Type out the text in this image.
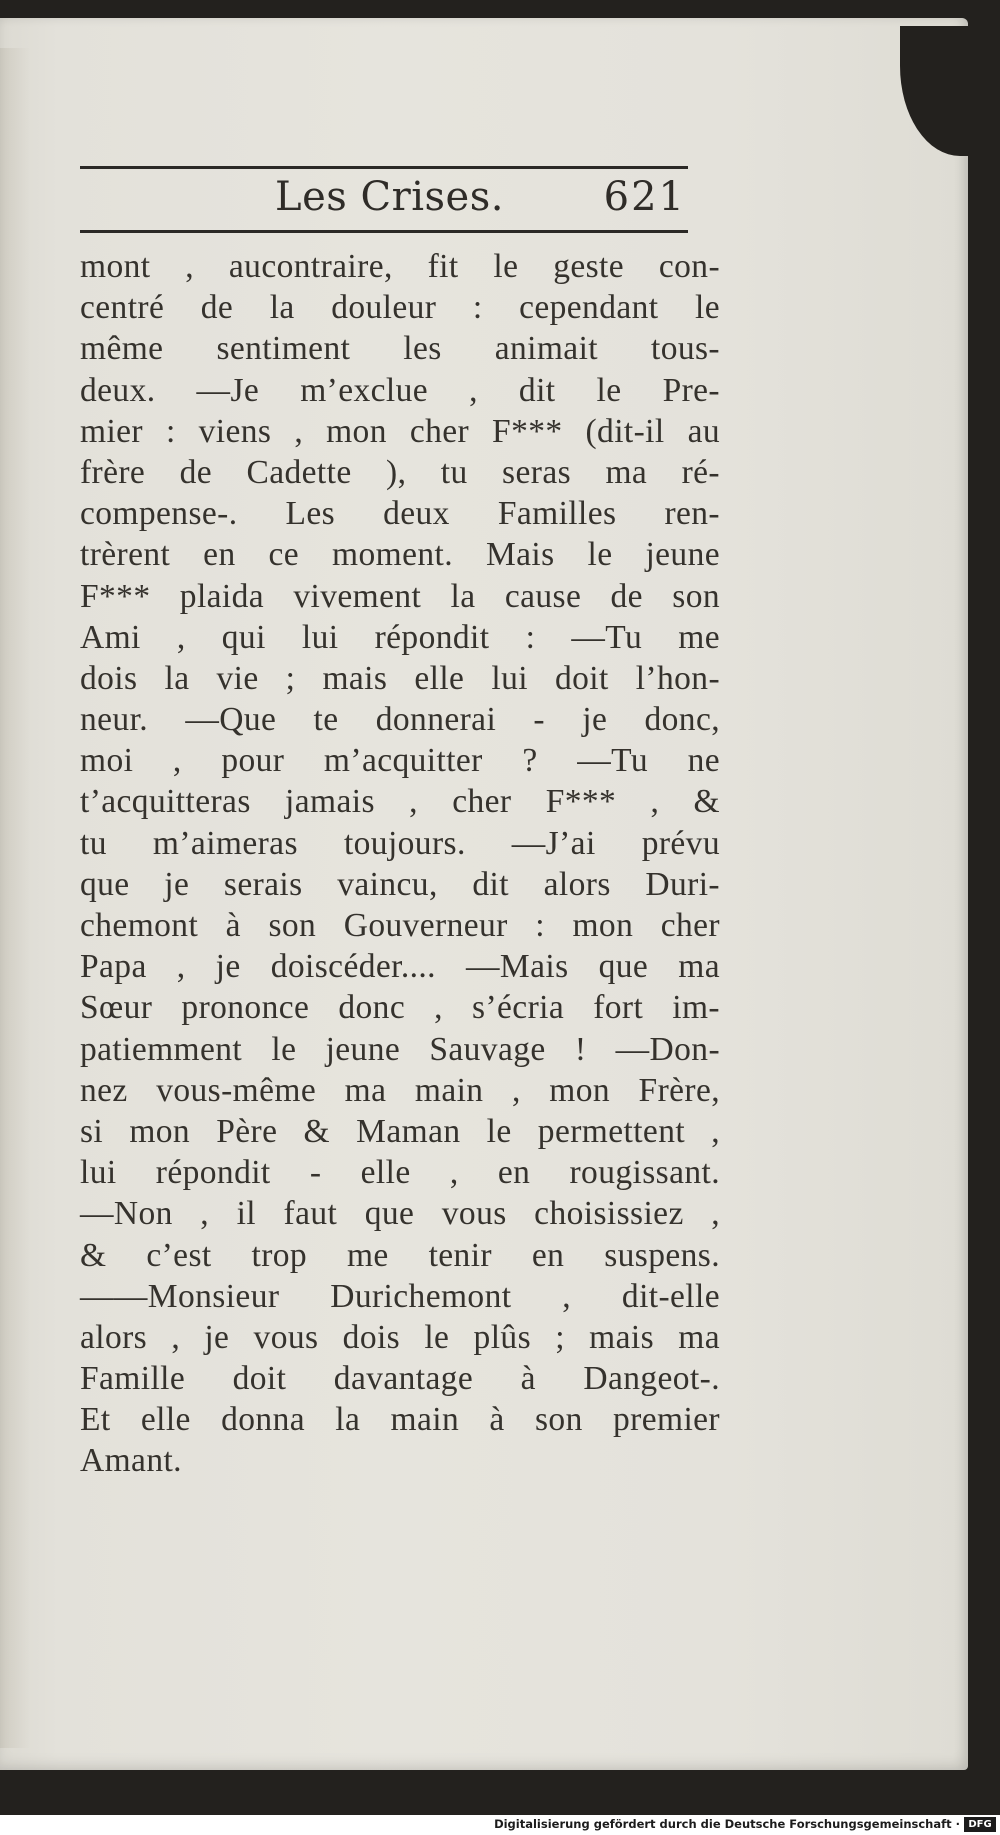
Les Crises. 621
mont , aucontraire, fit le geste con-
centré de la douleur : cependant le
même sentiment les animait tous-
deux. —Je m’exclue , dit le Pre-
mier : viens , mon cher F*** (dit-il au
frère de Cadette ), tu seras ma ré-
compense-. Les deux Familles ren-
trèrent en ce moment. Mais le jeune
F*** plaida vivement la cause de son
Ami , qui lui répondit : —Tu me
dois la vie ; mais elle lui doit l’hon-
neur. —Que te donnerai - je donc,
moi , pour m’acquitter ? —Tu ne
t’acquitteras jamais , cher F*** , &
tu m’aimeras toujours. —J’ai prévu
que je serais vaincu, dit alors Duri-
chemont à son Gouverneur : mon cher
Papa , je doiscéder.... —Mais que ma
Sœur prononce donc , s’écria fort im-
patiemment le jeune Sauvage ! —Don-
nez vous-même ma main , mon Frère,
si mon Père & Maman le permettent ,
lui répondit - elle , en rougissant.
—Non , il faut que vous choisissiez ,
& c’est trop me tenir en suspens.
——Monsieur Durichemont , dit-elle
alors , je vous dois le plûs ; mais ma
Famille doit davantage à Dangeot-.
Et elle donna la main à son premier
Amant.
Digitalisierung gefördert durch die Deutsche Forschungsgemeinschaft · DFG
